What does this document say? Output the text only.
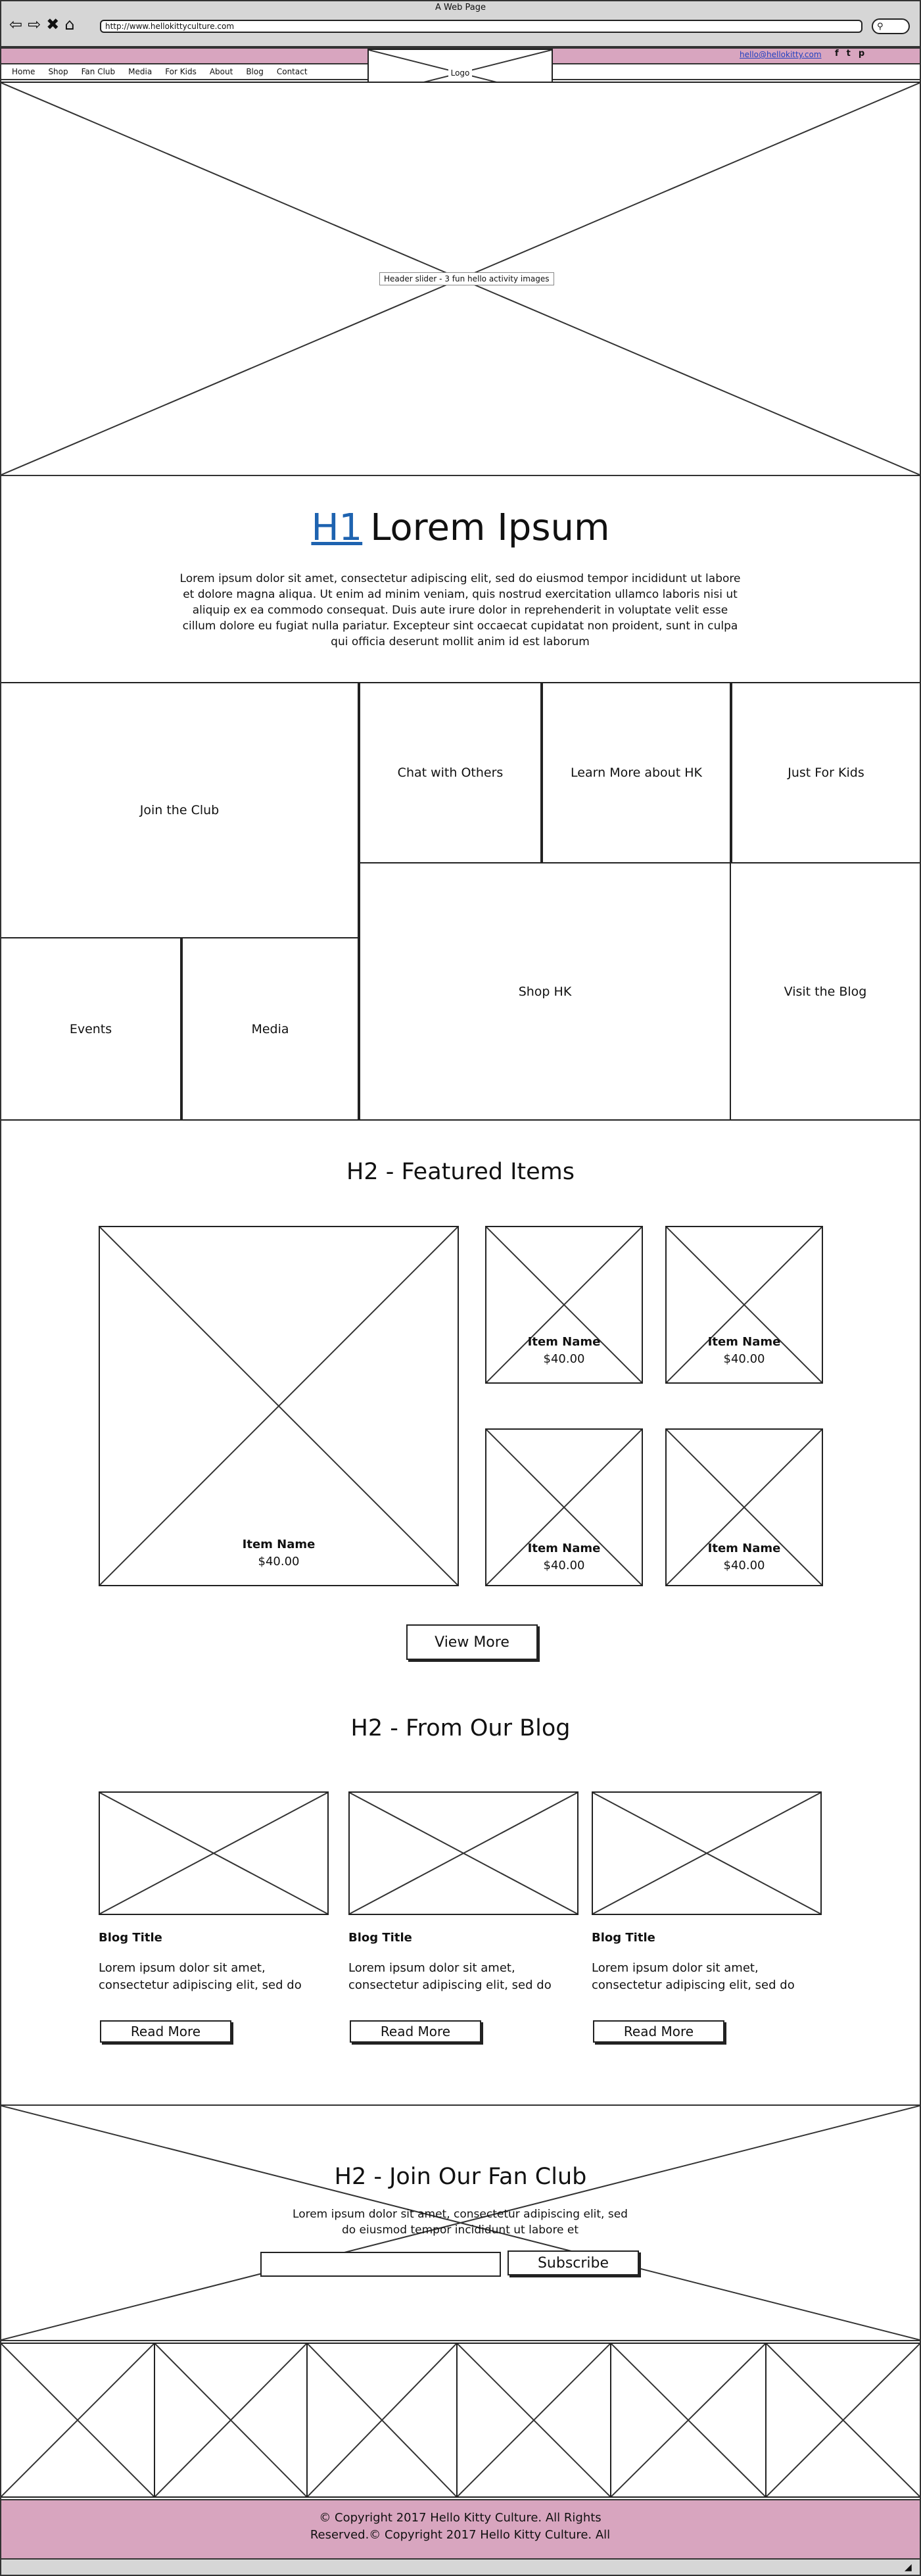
A Web Page
⇦ ⇨ ✖ ⌂	http://www.hellokittyculture.com	⚲
hello@hellokitty.com f t p
Home Shop Fan Club Media For Kids About Blog Contact	Logo
Header slider - 3 fun hello activity images
H1 Lorem Ipsum

Lorem ipsum dolor sit amet, consectetur adipiscing elit, sed do eiusmod tempor incididunt ut labore et dolore magna aliqua. Ut enim ad minim veniam, quis nostrud exercitation ullamco laboris nisi ut aliquip ex ea commodo consequat. Duis aute irure dolor in reprehenderit in voluptate velit esse cillum dolore eu fugiat nulla pariatur. Excepteur sint occaecat cupidatat non proident, sunt in culpa qui officia deserunt mollit anim id est laborum

Join the Club
Chat with Others	Learn More about HK	Just For Kids
Events	Media
Shop HK	Visit the Blog
H2 - Featured Items
Item Name
$40.00
Item Name
$40.00
Item Name
$40.00
Item Name
$40.00
Item Name
$40.00
View More
H2 - From Our Blog
Blog Title
Lorem ipsum dolor sit amet, consectetur adipiscing elit, sed do
Read More
Blog Title
Lorem ipsum dolor sit amet, consectetur adipiscing elit, sed do
Read More
Blog Title
Lorem ipsum dolor sit amet, consectetur adipiscing elit, sed do
Read More
H2 - Join Our Fan Club

Lorem ipsum dolor sit amet, consectetur adipiscing elit, sed do eiusmod tempor incididunt ut labore et

Subscribe
© Copyright 2017 Hello Kitty Culture. All Rights Reserved.© Copyright 2017 Hello Kitty Culture. All
◢
